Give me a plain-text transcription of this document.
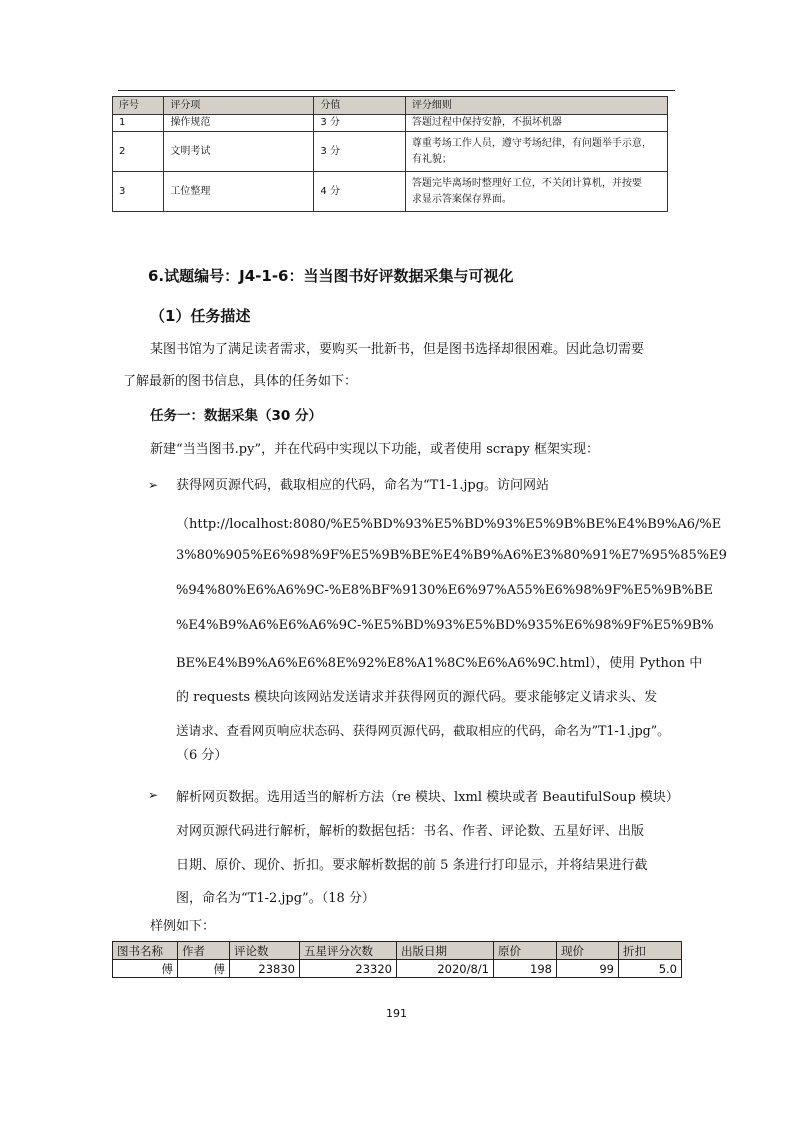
序号	评分项	分值	评分细则
1	操作规范	3 分	答题过程中保持安静，不损坏机器
2	文明考试	3 分	尊重考场工作人员，遵守考场纪律，有问题举手示意，
有礼貌；

3	工位整理	4 分	答题完毕离场时整理好工位，不关闭计算机，并按要
求显示答案保存界面。
6.试题编号：J4-1-6：当当图书好评数据采集与可视化
（1）任务描述
某图书馆为了满足读者需求，要购买一批新书，但是图书选择却很困难。因此急切需要
了解最新的图书信息，具体的任务如下：
任务一：数据采集（30 分）
新建“当当图书.py”，并在代码中实现以下功能，或者使用 scrapy 框架实现：
➢ 获得网页源代码，截取相应的代码，命名为“T1-1.jpg。访问网站
（http://localhost:8080/%E5%BD%93%E5%BD%93%E5%9B%BE%E4%B9%A6/%E
3%80%905%E6%98%9F%E5%9B%BE%E4%B9%A6%E3%80%91%E7%95%85%E9
%94%80%E6%A6%9C-%E8%BF%9130%E6%97%A55%E6%98%9F%E5%9B%BE
%E4%B9%A6%E6%A6%9C-%E5%BD%93%E5%BD%935%E6%98%9F%E5%9B%
BE%E4%B9%A6%E6%8E%92%E8%A1%8C%E6%A6%9C.html），使用 Python 中
的 requests 模块向该网站发送请求并获得网页的源代码。要求能够定义请求头、发
送请求、查看网页响应状态码、获得网页源代码，截取相应的代码，命名为”T1-1.jpg”。
（6 分）
➢ 解析网页数据。选用适当的解析方法（re 模块、lxml 模块或者 BeautifulSoup 模块）
对网页源代码进行解析，解析的数据包括：书名、作者、评论数、五星好评、出版
日期、原价、现价、折扣。要求解析数据的前 5 条进行打印显示，并将结果进行截
图，命名为“T1-2.jpg”。（18 分）
样例如下：
图书名称	作者	评论数	五星评分次数	出版日期	原价	现价	折扣
傅	傅	23830	23320	2020/8/1	198	99	5.0
191
